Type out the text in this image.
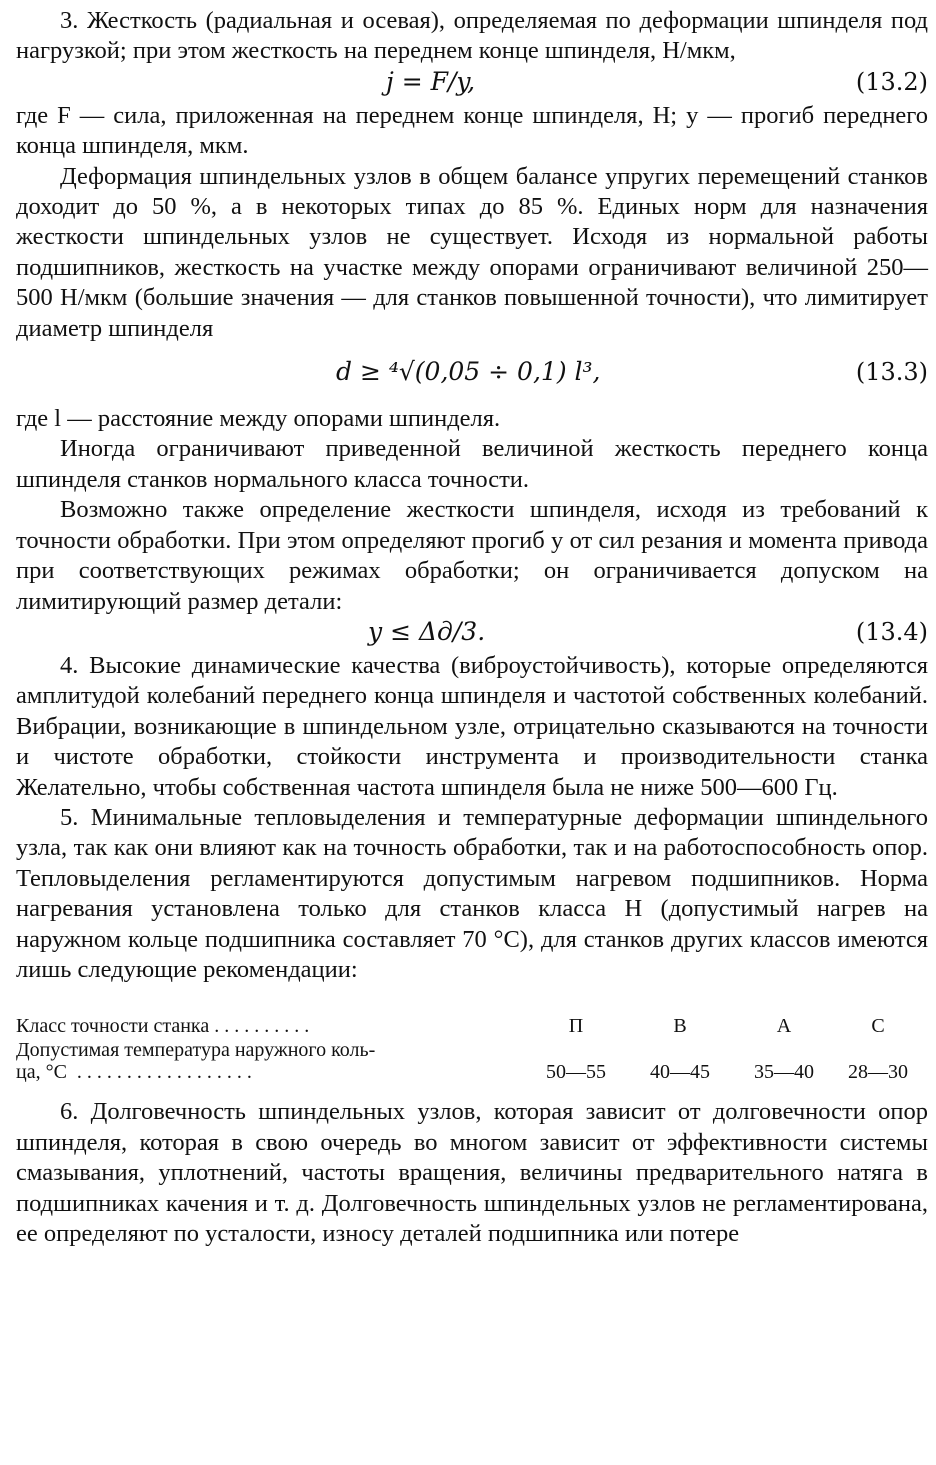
3. Жесткость (радиальная и осевая), определяемая по деформации шпинделя под нагрузкой; при этом жесткость на переднем конце шпинделя, Н/мкм,

j = F/y,	(13.2)

где F — сила, приложенная на переднем конце шпинделя, Н; y — прогиб переднего конца шпинделя, мкм.

Деформация шпиндельных узлов в общем балансе упругих перемещений станков доходит до 50 %, а в некоторых типах до 85 %. Единых норм для назначения жесткости шпиндельных узлов не существует. Исходя из нормальной работы подшипников, жесткость на участке между опорами ограничивают величиной 250—500 Н/мкм (большие значения — для станков повышенной точности), что лимитирует диаметр шпинделя

d ≥ ⁴√(0,05 ÷ 0,1) l³,	(13.3)

где l — расстояние между опорами шпинделя.

Иногда ограничивают приведенной величиной жесткость переднего конца шпинделя станков нормального класса точности.

Возможно также определение жесткости шпинделя, исходя из требований к точности обработки. При этом определяют прогиб y от сил резания и момента привода при соответствующих режимах обработки; он ограничивается допуском на лимитирующий размер детали:

y ≤ Δд/3.	(13.4)

4. Высокие динамические качества (виброустойчивость), которые определяются амплитудой колебаний переднего конца шпинделя и частотой собственных колебаний. Вибрации, возникающие в шпиндельном узле, отрицательно сказываются на точности и чистоте обработки, стойкости инструмента и производительности станка Желательно, чтобы собственная частота шпинделя была не ниже 500—600 Гц.

5. Минимальные тепловыделения и температурные деформации шпиндельного узла, так как они влияют как на точность обработки, так и на работоспособность опор. Тепловыделения регламентируются допустимым нагревом подшипников. Норма нагревания установлена только для станков класса Н (допустимый нагрев на наружном кольце подшипника составляет 70 °С), для станков других классов имеются лишь следующие рекомендации:

Класс точности станка . . . . . . . . . .	П	В	А	С
Допустимая температура наружного коль-
ца, °С  . . . . . . . . . . . . . . . . . .	50—55	40—45	35—40	28—30

6. Долговечность шпиндельных узлов, которая зависит от долговечности опор шпинделя, которая в свою очередь во многом зависит от эффективности системы смазывания, уплотнений, частоты вращения, величины предварительного натяга в подшипниках качения и т. д. Долговечность шпиндельных узлов не регламентирована, ее определяют по усталости, износу деталей подшипника или потере
